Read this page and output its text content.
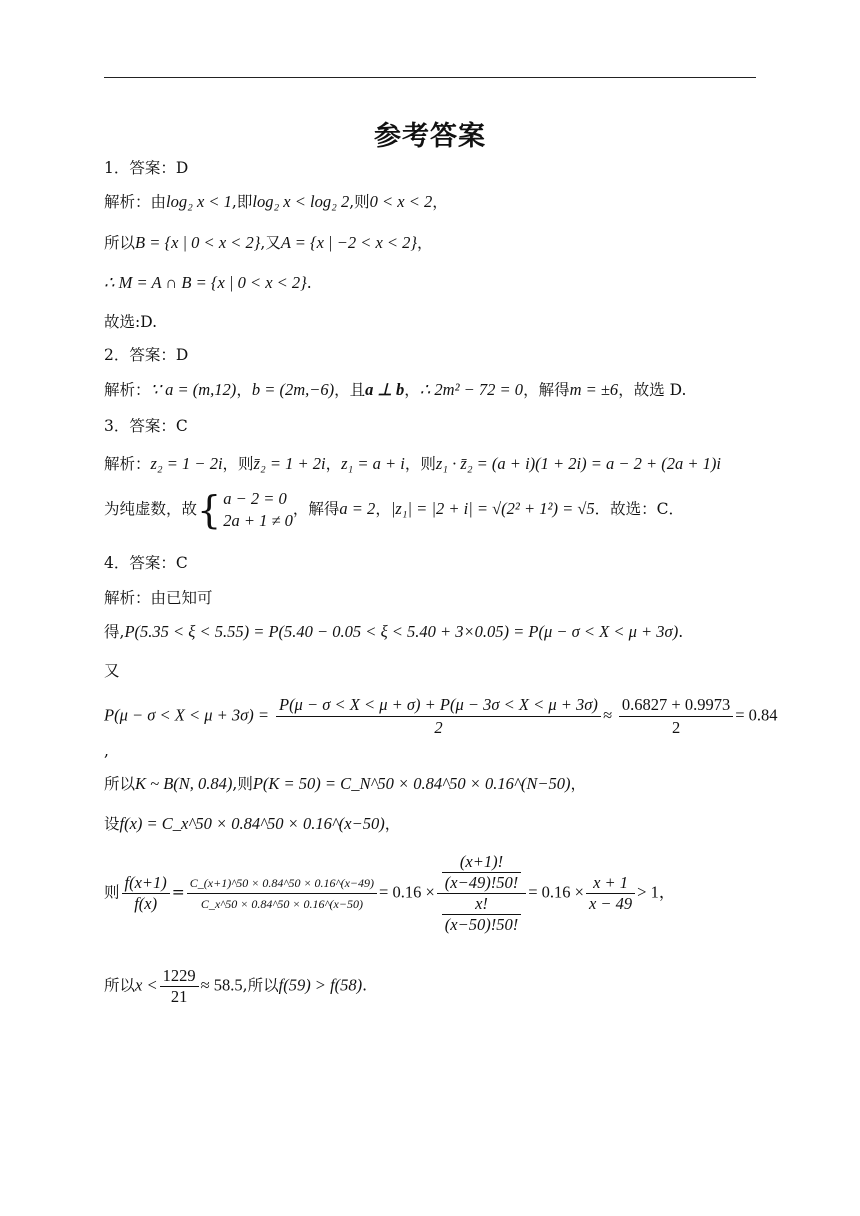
参考答案
1．答案：D
解析：由log₂ x < 1,即log₂ x < log₂ 2,则0 < x < 2，
所以B = {x | 0 < x < 2},又A = {x | −2 < x < 2}，
∴ M = A ∩ B = {x | 0 < x < 2}.
故选:D.
2．答案：D
解析：∵ a = (m,12)，b = (2m,−6)，且a ⊥ b，∴ 2m² − 72 = 0，解得m = ±6，故选 D.
3．答案：C
解析：z₂ = 1 − 2i，则z̄₂ = 1 + 2i，z₁ = a + i，则z₁ · z̄₂ = (a + i)(1 + 2i) = a − 2 + (2a + 1)i
为纯虚数，故{ a − 2 = 0
2a + 1 ≠ 0
，解得a = 2，|z₁| = |2 + i| = √(2² + 1²) = √5．故选：C．
4．答案：C
解析：由已知可
得,P(5.35 < ξ < 5.55) = P(5.40 − 0.05 < ξ < 5.40 + 3×0.05) = P(μ − σ < X < μ + 3σ).
又
$P(\mu - \sigma < X < \mu + 3\sigma) = \frac{P(\mu - \sigma < X < \mu + \sigma) + P(\mu - 3\sigma < X < \mu + 3\sigma)}{2} \approx \frac{0.6827 + 0.9973}{2} = 0.84$
,
所以K ~ B(N, 0.84),则P(K = 50) = C_N^50 × 0.84^50 × 0.16^(N−50)，
设f(x) = C_x^50 × 0.84^50 × 0.16^(x−50)，
则 $\frac{f(x+1)}{f(x)} = \frac{C\_(x+1)\^{}50 \times 0.84\^{}50 \times 0.16\^{}(x-49)}{C\_x\^{}50 \times 0.84\^{}50 \times 0.16\^{}(x-50)} = 0.16 \times \frac{\frac{(x+1)!}{(x-49)!50!}}{\frac{x!}{(x-50)!50!}} = 0.16 \times \frac{x + 1}{x - 49} > 1$，
所以$x < \frac{1229}{21} \approx 58.5$,所以f(59) > f(58).
